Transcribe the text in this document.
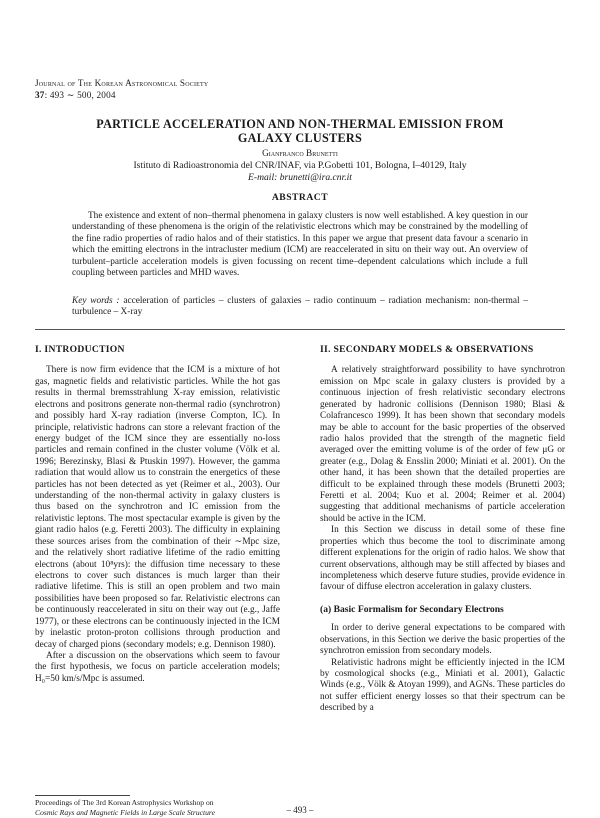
Journal of The Korean Astronomical Society
37: 493 ∼ 500, 2004
PARTICLE ACCELERATION AND NON-THERMAL EMISSION FROM
GALAXY CLUSTERS
Gianfranco Brunetti
Istituto di Radioastronomia del CNR/INAF, via P.Gobetti 101, Bologna, I–40129, Italy
E-mail: brunetti@ira.cnr.it
ABSTRACT

The existence and extent of non–thermal phenomena in galaxy clusters is now well established. A key question in our understanding of these phenomena is the origin of the relativistic electrons which may be constrained by the modelling of the fine radio properties of radio halos and of their statistics. In this paper we argue that present data favour a scenario in which the emitting electrons in the intracluster medium (ICM) are reaccelerated in situ on their way out. An overview of turbulent–particle acceleration models is given focussing on recent time–dependent calculations which include a full coupling between particles and MHD waves.

Key words : acceleration of particles – clusters of galaxies – radio continuum – radiation mechanism: non-thermal – turbulence – X-ray

I. INTRODUCTION

There is now firm evidence that the ICM is a mixture of hot gas, magnetic fields and relativistic particles. While the hot gas results in thermal bremsstrahlung X-ray emission, relativistic electrons and positrons generate non-thermal radio (synchrotron) and possibly hard X-ray radiation (inverse Compton, IC). In principle, relativistic hadrons can store a relevant fraction of the energy budget of the ICM since they are essentially no-loss particles and remain confined in the cluster volume (Völk et al. 1996; Berezinsky, Blasi & Ptuskin 1997). However, the gamma radiation that would allow us to constrain the energetics of these particles has not been detected as yet (Reimer et al., 2003). Our understanding of the non-thermal activity in galaxy clusters is thus based on the synchrotron and IC emission from the relativistic leptons. The most spectacular example is given by the giant radio halos (e.g. Feretti 2003). The difficulty in explaining these sources arises from the combination of their ∼Mpc size, and the relatively short radiative lifetime of the radio emitting electrons (about 10⁸yrs): the diffusion time necessary to these electrons to cover such distances is much larger than their radiative lifetime. This is still an open problem and two main possibilities have been proposed so far. Relativistic electrons can be continuously reaccelerated in situ on their way out (e.g., Jaffe 1977), or these electrons can be continuously injected in the ICM by inelastic proton-proton collisions through production and decay of charged pions (secondary models; e.g. Dennison 1980).

After a discussion on the observations which seem to favour the first hypothesis, we focus on particle acceleration models; H₀=50 km/s/Mpc is assumed.

II. SECONDARY MODELS & OBSERVATIONS

A relatively straightforward possibility to have synchrotron emission on Mpc scale in galaxy clusters is provided by a continuous injection of fresh relativistic secondary electrons generated by hadronic collisions (Dennison 1980; Blasi & Colafrancesco 1999). It has been shown that secondary models may be able to account for the basic properties of the observed radio halos provided that the strength of the magnetic field averaged over the emitting volume is of the order of few μG or greater (e.g., Dolag & Ensslin 2000; Miniati et al. 2001). On the other hand, it has been shown that the detailed properties are difficult to be explained through these models (Brunetti 2003; Feretti et al. 2004; Kuo et al. 2004; Reimer et al. 2004) suggesting that additional mechanisms of particle acceleration should be active in the ICM.

In this Section we discuss in detail some of these fine properties which thus become the tool to discriminate among different explenations for the origin of radio halos. We show that current observations, although may be still affected by biases and incompleteness which deserve future studies, provide evidence in favour of diffuse electron acceleration in galaxy clusters.

(a) Basic Formalism for Secondary Electrons

In order to derive general expectations to be compared with observations, in this Section we derive the basic properties of the synchrotron emission from secondary models.

Relativistic hadrons might be efficiently injected in the ICM by cosmological shocks (e.g., Miniati et al. 2001), Galactic Winds (e.g., Völk & Atoyan 1999), and AGNs. These particles do not suffer efficient energy losses so that their spectrum can be described by a

Proceedings of The 3rd Korean Astrophysics Workshop on
Cosmic Rays and Magnetic Fields in Large Scale Structure	– 493 –
